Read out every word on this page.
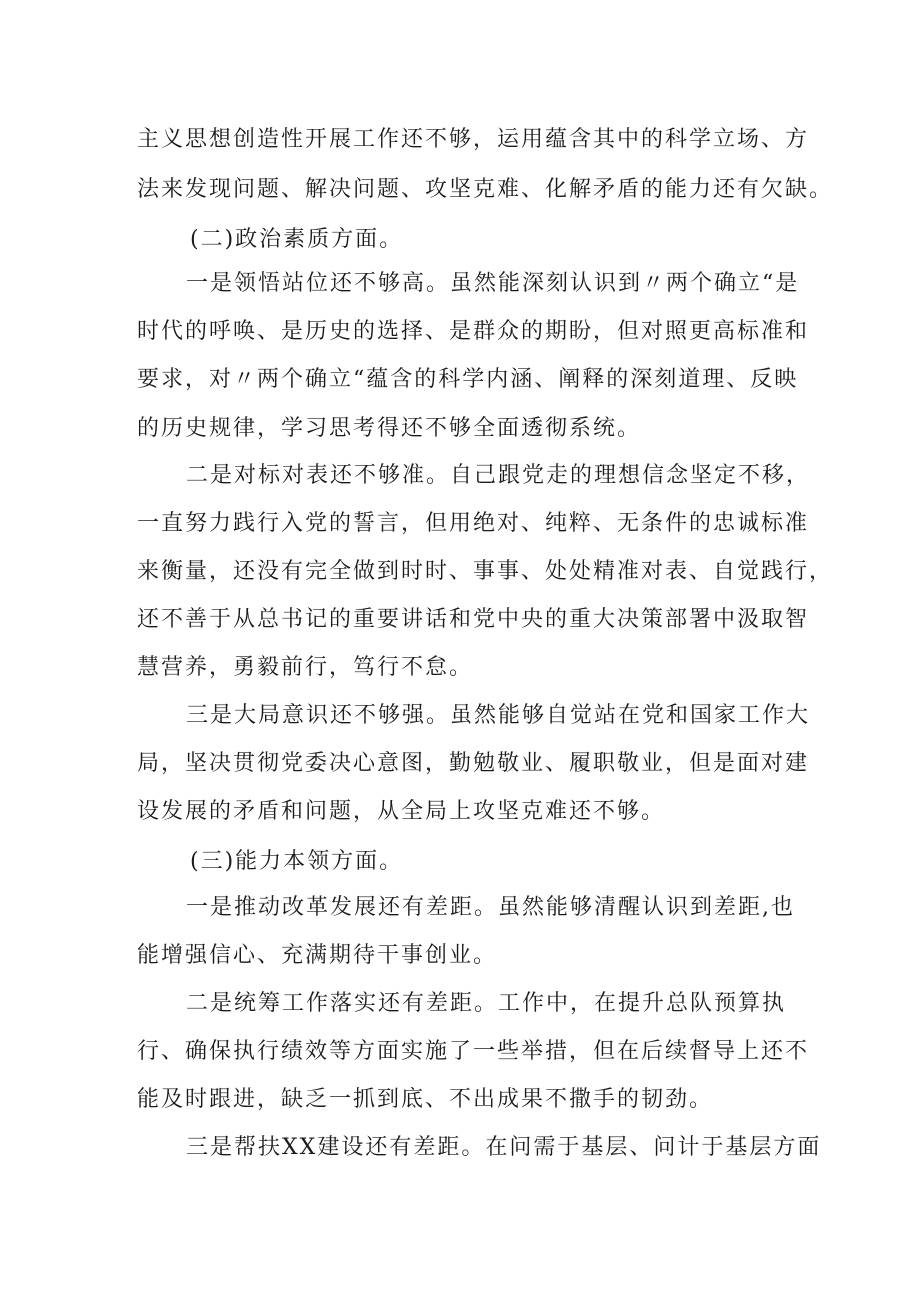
主义思想创造性开展工作还不够，运用蕴含其中的科学立场、方
法来发现问题、解决问题、攻坚克难、化解矛盾的能力还有欠缺。
(二)政治素质方面。
一是领悟站位还不够高。虽然能深刻认识到〃两个确立“是
时代的呼唤、是历史的选择、是群众的期盼，但对照更高标准和
要求，对〃两个确立“蕴含的科学内涵、阐释的深刻道理、反映
的历史规律，学习思考得还不够全面透彻系统。
二是对标对表还不够准。自己跟党走的理想信念坚定不移，
一直努力践行入党的誓言，但用绝对、纯粹、无条件的忠诚标准
来衡量，还没有完全做到时时、事事、处处精准对表、自觉践行，
还不善于从总书记的重要讲话和党中央的重大决策部署中汲取智
慧营养，勇毅前行，笃行不怠。
三是大局意识还不够强。虽然能够自觉站在党和国家工作大
局，坚决贯彻党委决心意图，勤勉敬业、履职敬业，但是面对建
设发展的矛盾和问题，从全局上攻坚克难还不够。
(三)能力本领方面。
一是推动改革发展还有差距。虽然能够清醒认识到差距,也
能增强信心、充满期待干事创业。
二是统筹工作落实还有差距。工作中，在提升总队预算执
行、确保执行绩效等方面实施了一些举措，但在后续督导上还不
能及时跟进，缺乏一抓到底、不出成果不撒手的韧劲。
三是帮扶XX建设还有差距。在问需于基层、问计于基层方面
